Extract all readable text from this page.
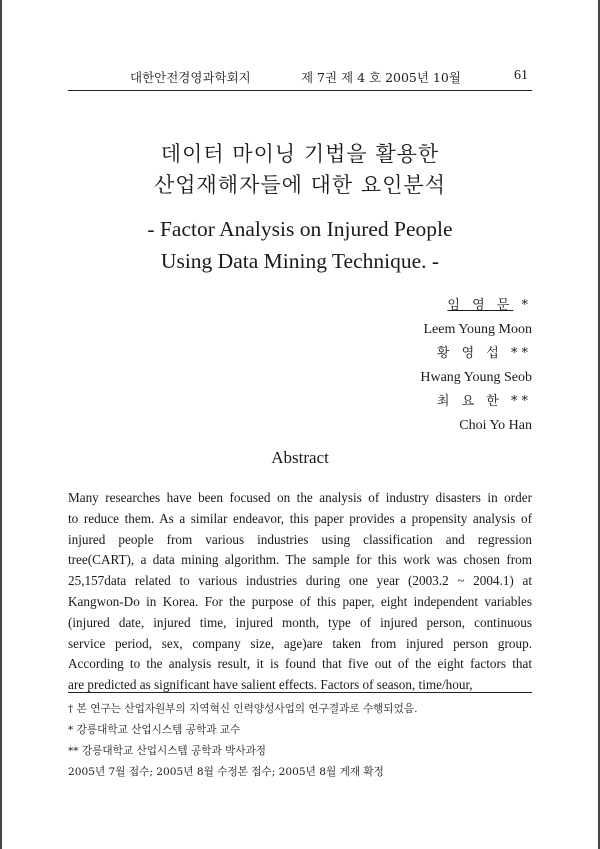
대한안전경영과학회지	제 7권 제 4 호 2005년 10월	61
데이터 마이닝 기법을 활용한
산업재해자들에 대한 요인분석
- Factor Analysis on Injured People
Using Data Mining Technique. -
임 영 문 *
Leem Young Moon
황 영 섭 **
Hwang Young Seob
최 요 한 **
Choi Yo Han
Abstract
Many researches have been focused on the analysis of industry disasters in order
to reduce them. As a similar endeavor, this paper provides a propensity analysis of
injured people from various industries using classification and regression
tree(CART), a data mining algorithm. The sample for this work was chosen from
25,157data related to various industries during one year (2003.2 ~ 2004.1) at
Kangwon-Do in Korea. For the purpose of this paper, eight independent variables
(injured date, injured time, injured month, type of injured person, continuous
service period, sex, company size, age)are taken from injured person group.
According to the analysis result, it is found that five out of the eight factors that
are predicted as significant have salient effects. Factors of season, time/hour,
† 본 연구는 산업자원부의 지역혁신 인력양성사업의 연구결과로 수행되었음.
* 강릉대학교 산업시스템 공학과 교수
** 강릉대학교 산업시스템 공학과 박사과정
2005년 7월 접수; 2005년 8월 수정본 접수; 2005년 8월 게재 확정
